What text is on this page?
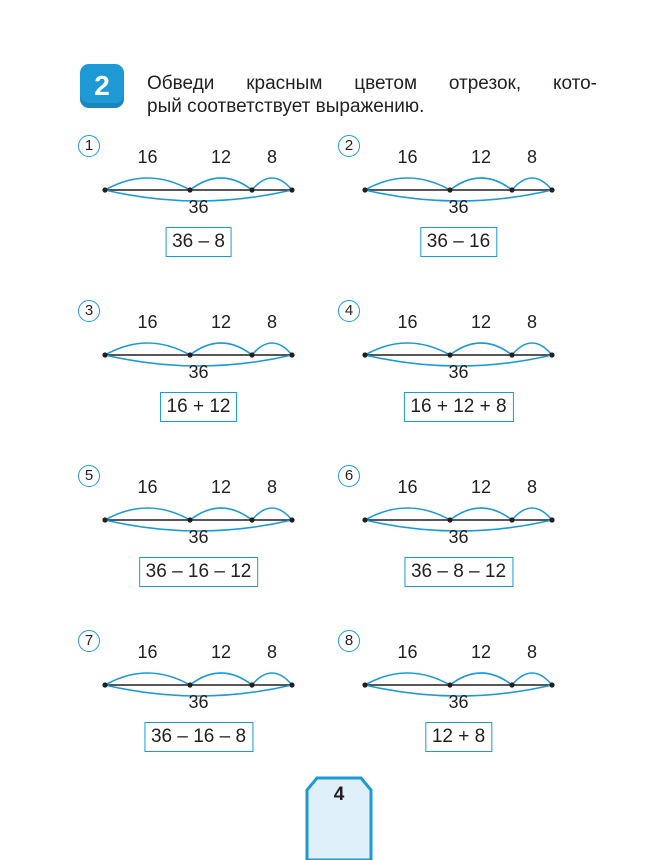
2 Обведи красным цветом отрезок, кото-
рый соответствует выражению.
1
16	12 8
36
36 – 8
2
16	12 8
36
36 – 16
3
16	12 8
36
16 + 12
4
16	12 8
36
16 + 12 + 8
5
16	12 8
36
36 – 16 – 12
6
16	12 8
36
36 – 8 – 12
7
16	12 8
36
36 – 16 – 8
8
16	12 8
36
12 + 8
4
